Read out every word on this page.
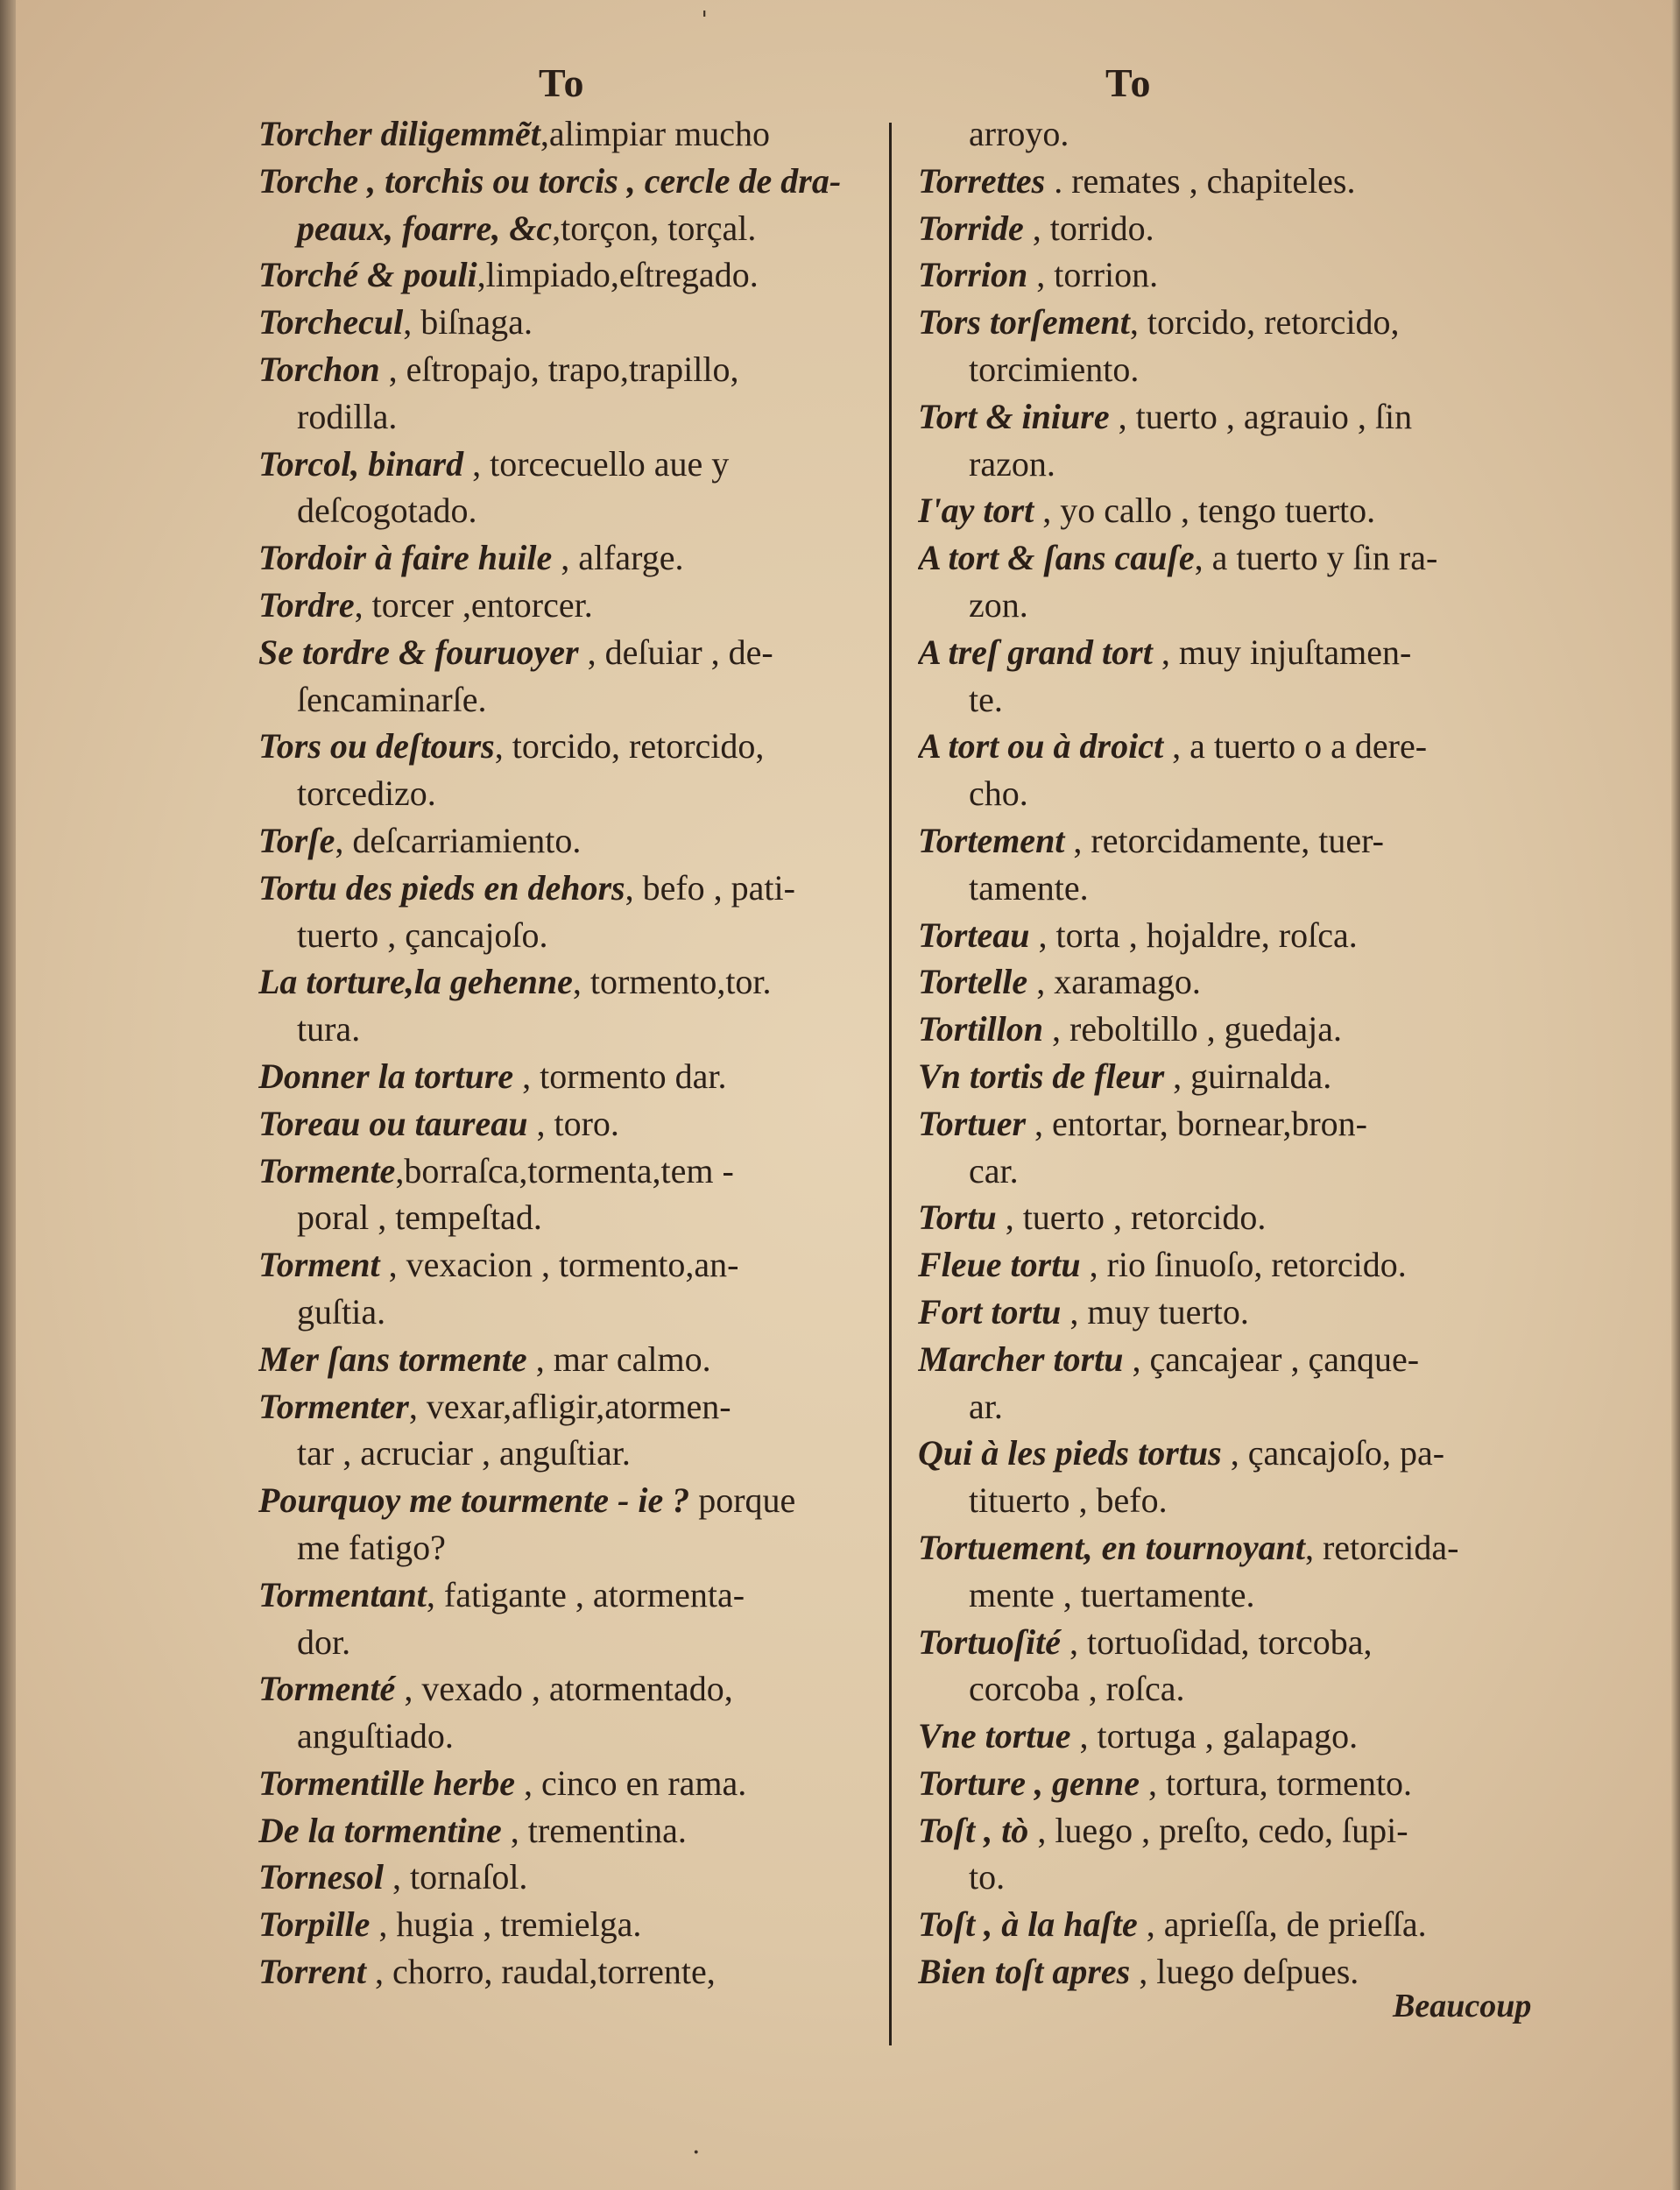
To	To
Torcher diligemmẽt,alimpiar mucho
Torche , torchis ou torcis , cercle de dra-
peaux, foarre, &c,torçon, torçal.
Torché & pouli,limpiado,eſtregado.
Torchecul, biſnaga.
Torchon , eſtropajo, trapo,trapillo,
rodilla.
Torcol, binard , torcecuello aue y
deſcogotado.
Tordoir à faire huile , alfarge.
Tordre, torcer ,entorcer.
Se tordre & fouruoyer , deſuiar , de-
ſencaminarſe.
Tors ou deſtours, torcido, retorcido,
torcedizo.
Torſe, deſcarriamiento.
Tortu des pieds en dehors, befo , pati-
tuerto , çancajoſo.
La torture,la gehenne, tormento,tor.
tura.
Donner la torture , tormento dar.
Toreau ou taureau , toro.
Tormente,borraſca,tormenta,tem -
poral , tempeſtad.
Torment , vexacion , tormento,an-
guſtia.
Mer ſans tormente , mar calmo.
Tormenter, vexar,afligir,atormen-
tar , acruciar , anguſtiar.
Pourquoy me tourmente - ie ? porque
me fatigo?
Tormentant, fatigante , atormenta-
dor.
Tormenté , vexado , atormentado,
anguſtiado.
Tormentille herbe , cinco en rama.
De la tormentine , trementina.
Tornesol , tornaſol.
Torpille , hugia , tremielga.
Torrent , chorro, raudal,torrente,
arroyo.
Torrettes . remates , chapiteles.
Torride , torrido.
Torrion , torrion.
Tors torſement, torcido, retorcido,
torcimiento.
Tort & iniure , tuerto , agrauio , ſin
razon.
I'ay tort , yo callo , tengo tuerto.
A tort & ſans cauſe, a tuerto y ſin ra-
zon.
A treſ grand tort , muy injuſtamen-
te.
A tort ou à droict , a tuerto o a dere-
cho.
Tortement , retorcidamente, tuer-
tamente.
Torteau , torta , hojaldre, roſca.
Tortelle , xaramago.
Tortillon , reboltillo , guedaja.
Vn tortis de fleur , guirnalda.
Tortuer , entortar, bornear,bron-
car.
Tortu , tuerto , retorcido.
Fleue tortu , rio ſinuoſo, retorcido.
Fort tortu , muy tuerto.
Marcher tortu , çancajear , çanque-
ar.
Qui à les pieds tortus , çancajoſo, pa-
tituerto , befo.
Tortuement, en tournoyant, retorcida-
mente , tuertamente.
Tortuoſité , tortuoſidad, torcoba,
corcoba , roſca.
Vne tortue , tortuga , galapago.
Torture , genne , tortura, tormento.
Toſt , tò , luego , preſto, cedo, ſupi-
to.
Toſt , à la haſte , aprieſſa, de prieſſa.
Bien toſt apres , luego deſpues.
Beaucoup
ˈ
·
